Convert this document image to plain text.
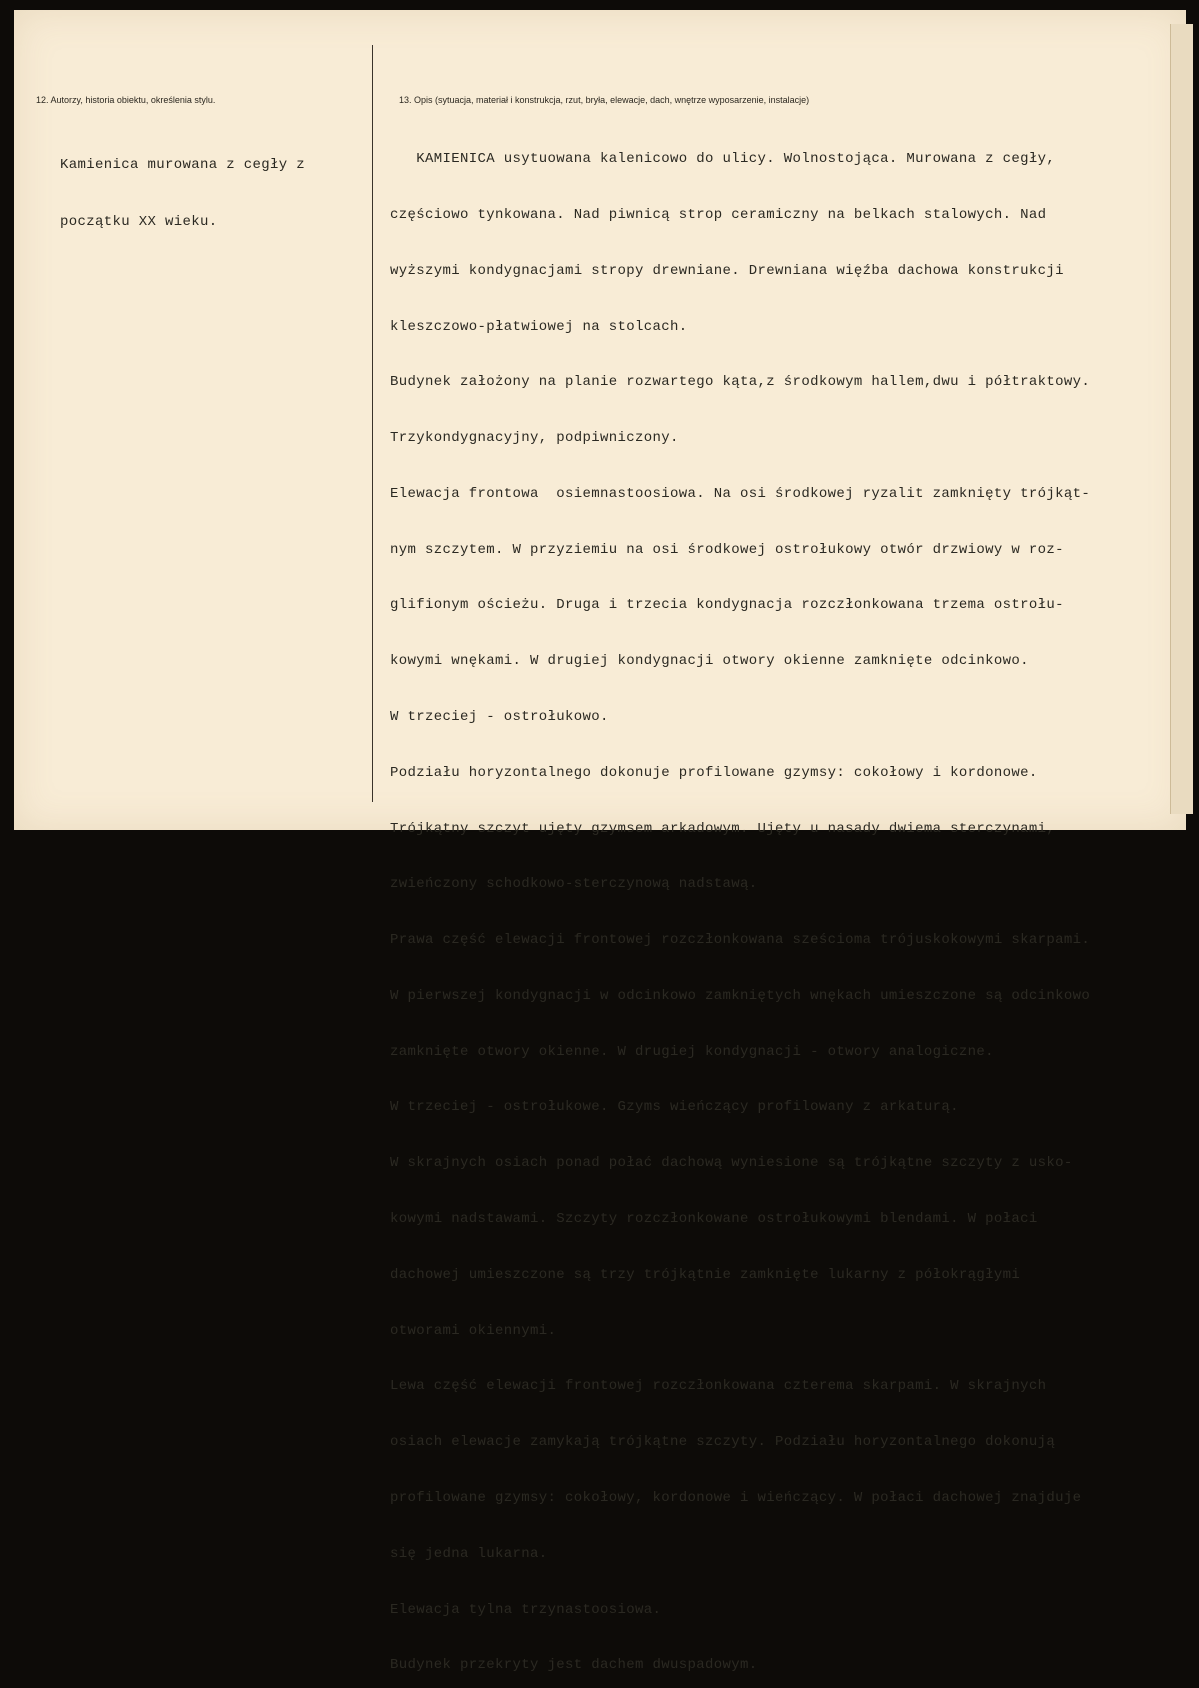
12. Autorzy, historia obiektu, określenia stylu.	13. Opis (sytuacja, materiał i konstrukcja, rzut, bryła, elewacje, dach, wnętrze wyposarzenie, instalacje)

Kamienica murowana z cegły z

początku XX wieku.

KAMIENICA usytuowana kalenicowo do ulicy. Wolnostojąca. Murowana z cegły,

częściowo tynkowana. Nad piwnicą strop ceramiczny na belkach stalowych. Nad

wyższymi kondygnacjami stropy drewniane. Drewniana więźba dachowa konstrukcji

kleszczowo-płatwiowej na stolcach.

Budynek założony na planie rozwartego kąta,z środkowym hallem,dwu i półtraktowy.

Trzykondygnacyjny, podpiwniczony.

Elewacja frontowa  osiemnastoosiowa. Na osi środkowej ryzalit zamknięty trójkąt-

nym szczytem. W przyziemiu na osi środkowej ostrołukowy otwór drzwiowy w roz-

glifionym ościeżu. Druga i trzecia kondygnacja rozczłonkowana trzema ostrołu-

kowymi wnękami. W drugiej kondygnacji otwory okienne zamknięte odcinkowo.

W trzeciej - ostrołukowo.

Podziału horyzontalnego dokonuje profilowane gzymsy: cokołowy i kordonowe.

Trójkątny szczyt ujęty gzymsem arkadowym. Ujęty u nasady dwiema sterczynami,

zwieńczony schodkowo-sterczynową nadstawą.

Prawa część elewacji frontowej rozczłonkowana sześcioma trójuskokowymi skarpami.

W pierwszej kondygnacji w odcinkowo zamkniętych wnękach umieszczone są odcinkowo

zamknięte otwory okienne. W drugiej kondygnacji - otwory analogiczne.

W trzeciej - ostrołukowe. Gzyms wieńczący profilowany z arkaturą.

W skrajnych osiach ponad połać dachową wyniesione są trójkątne szczyty z usko-

kowymi nadstawami. Szczyty rozczłonkowane ostrołukowymi blendami. W połaci

dachowej umieszczone są trzy trójkątnie zamknięte lukarny z półokrągłymi

otworami okiennymi.

Lewa część elewacji frontowej rozczłonkowana czterema skarpami. W skrajnych

osiach elewacje zamykają trójkątne szczyty. Podziału horyzontalnego dokonują

profilowane gzymsy: cokołowy, kordonowe i wieńczący. W połaci dachowej znajduje

się jedna lukarna.

Elewacja tylna trzynastoosiowa.

Budynek przekryty jest dachem dwuspadowym.
